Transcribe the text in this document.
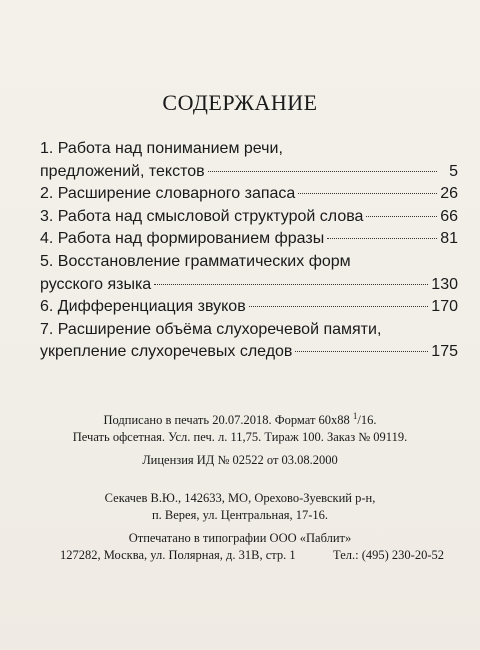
СОДЕРЖАНИЕ
1. Работа над пониманием речи,
предложений, текстов	5
2. Расширение словарного запаса	26
3. Работа над смысловой структурой слова	66
4. Работа над формированием фразы	81
5. Восстановление грамматических форм
русского языка	130
6. Дифференциация звуков	170
7. Расширение объёма слухоречевой памяти,
укрепление слухоречевых следов	175
Подписано в печать 20.07.2018. Формат 60x88 $^1$/16.
Печать офсетная. Усл. печ. л. 11,75. Тираж 100. Заказ № 09119.
Лицензия ИД № 02522 от 03.08.2000
Секачев В.Ю., 142633, МО, Орехово-Зуевский р-н,
п. Верея, ул. Центральная, 17-16.
Отпечатано в типографии ООО «Паблит»
127282, Москва, ул. Полярная, д. 31В, стр. 1	Тел.: (495) 230-20-52
